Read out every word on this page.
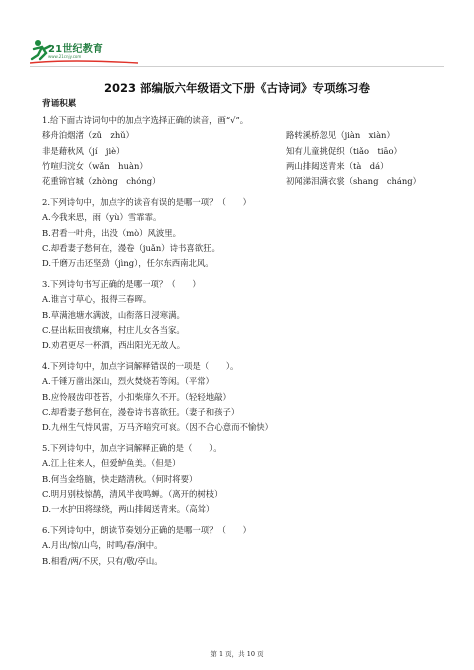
21世纪教育
www.21cnjy.com
2023 部编版六年级语文下册《古诗词》专项练习卷
背诵积累
1.给下面古诗词句中的加点字选择正确的读音，画“√”。
移舟泊烟渚（zǔ　zhǔ）	路转溪桥忽见（jiàn　xiàn）
非是藉秋风（jí　jiè）	知有儿童挑促织（tiǎo　tiāo）
竹喧归浣女（wǎn　huàn）	两山排闼送青来（tà　dá）
花重锦官城（zhòng　chóng）	初闻涕泪满衣裳（shang　cháng）
2.下列诗句中，加点字的读音有误的是哪一项？（　　）
A.今我来思，雨（yù）雪霏霏。
B.君看一叶舟，出没（mò）风波里。
C.却看妻子愁何在，漫卷（juǎn）诗书喜欲狂。
D.千磨万击还坚劲（jìng），任尔东西南北风。
3.下列诗句书写正确的是哪一项？（　　）
A.谁言寸草心，报得三春晖。
B.草满池塘水满波，山衔落日浸寒满。
C.昼出耘田夜绩麻，村庄儿女各当家。
D.劝君更尽一杯酒，西出阳光无故人。
4.下列诗句中，加点字词解释错误的一项是（　　）。
A.千锤万凿出深山，烈火焚烧若等闲。（平常）
B.应怜屐齿印苍苔，小扣柴扉久不开。（轻轻地敲）
C.却看妻子愁何在，漫卷诗书喜欲狂。（妻子和孩子）
D.九州生气恃风雷，万马齐喑究可哀。（因不合心意而不愉快）
5.下列诗句中，加点字词解释正确的是（　　）。
A.江上往来人，但爱鲈鱼美。（但是）
B.何当金络脑，快走踏清秋。（何时将要）
C.明月别枝惊鹊，清风半夜鸣蝉。（离开的树枝）
D.一水护田将绿绕，两山排闼送青来。（高耸）
6.下列诗句中，朗读节奏划分正确的是哪一项？（　　）
A.月出/惊/山鸟，时鸣/春/涧中。
B.相看/两/不厌，只有/敬/亭山。
第 1 页，共 10 页
